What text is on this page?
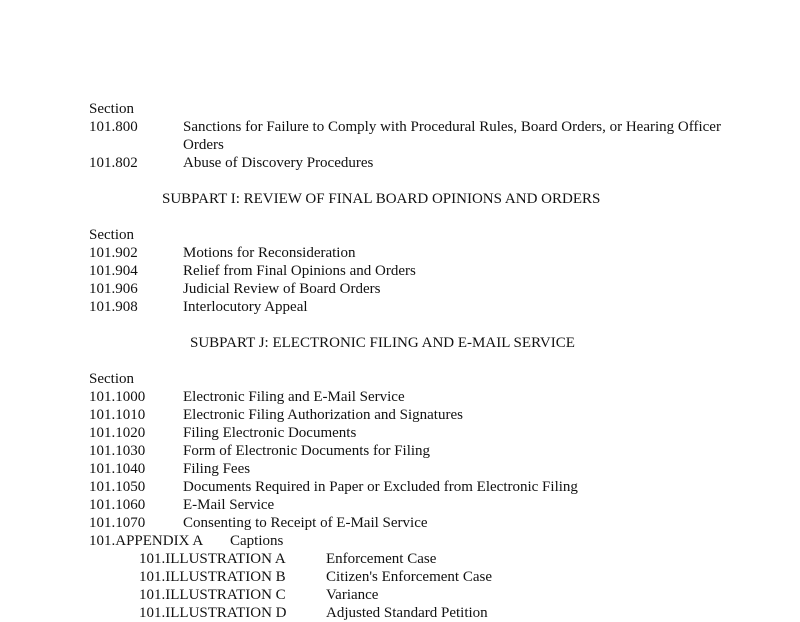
Section
101.800	Sanctions for Failure to Comply with Procedural Rules, Board Orders, or Hearing Officer Orders
101.802	Abuse of Discovery Procedures
SUBPART I: REVIEW OF FINAL BOARD OPINIONS AND ORDERS
Section
101.902	Motions for Reconsideration
101.904	Relief from Final Opinions and Orders
101.906	Judicial Review of Board Orders
101.908	Interlocutory Appeal
SUBPART J: ELECTRONIC FILING AND E-MAIL SERVICE
Section
101.1000	Electronic Filing and E-Mail Service
101.1010	Electronic Filing Authorization and Signatures
101.1020	Filing Electronic Documents
101.1030	Form of Electronic Documents for Filing
101.1040	Filing Fees
101.1050	Documents Required in Paper or Excluded from Electronic Filing
101.1060	E-Mail Service
101.1070	Consenting to Receipt of E-Mail Service
101.APPENDIX A Captions
101.ILLUSTRATION A	Enforcement Case
101.ILLUSTRATION B	Citizen's Enforcement Case
101.ILLUSTRATION C	Variance
101.ILLUSTRATION D	Adjusted Standard Petition
